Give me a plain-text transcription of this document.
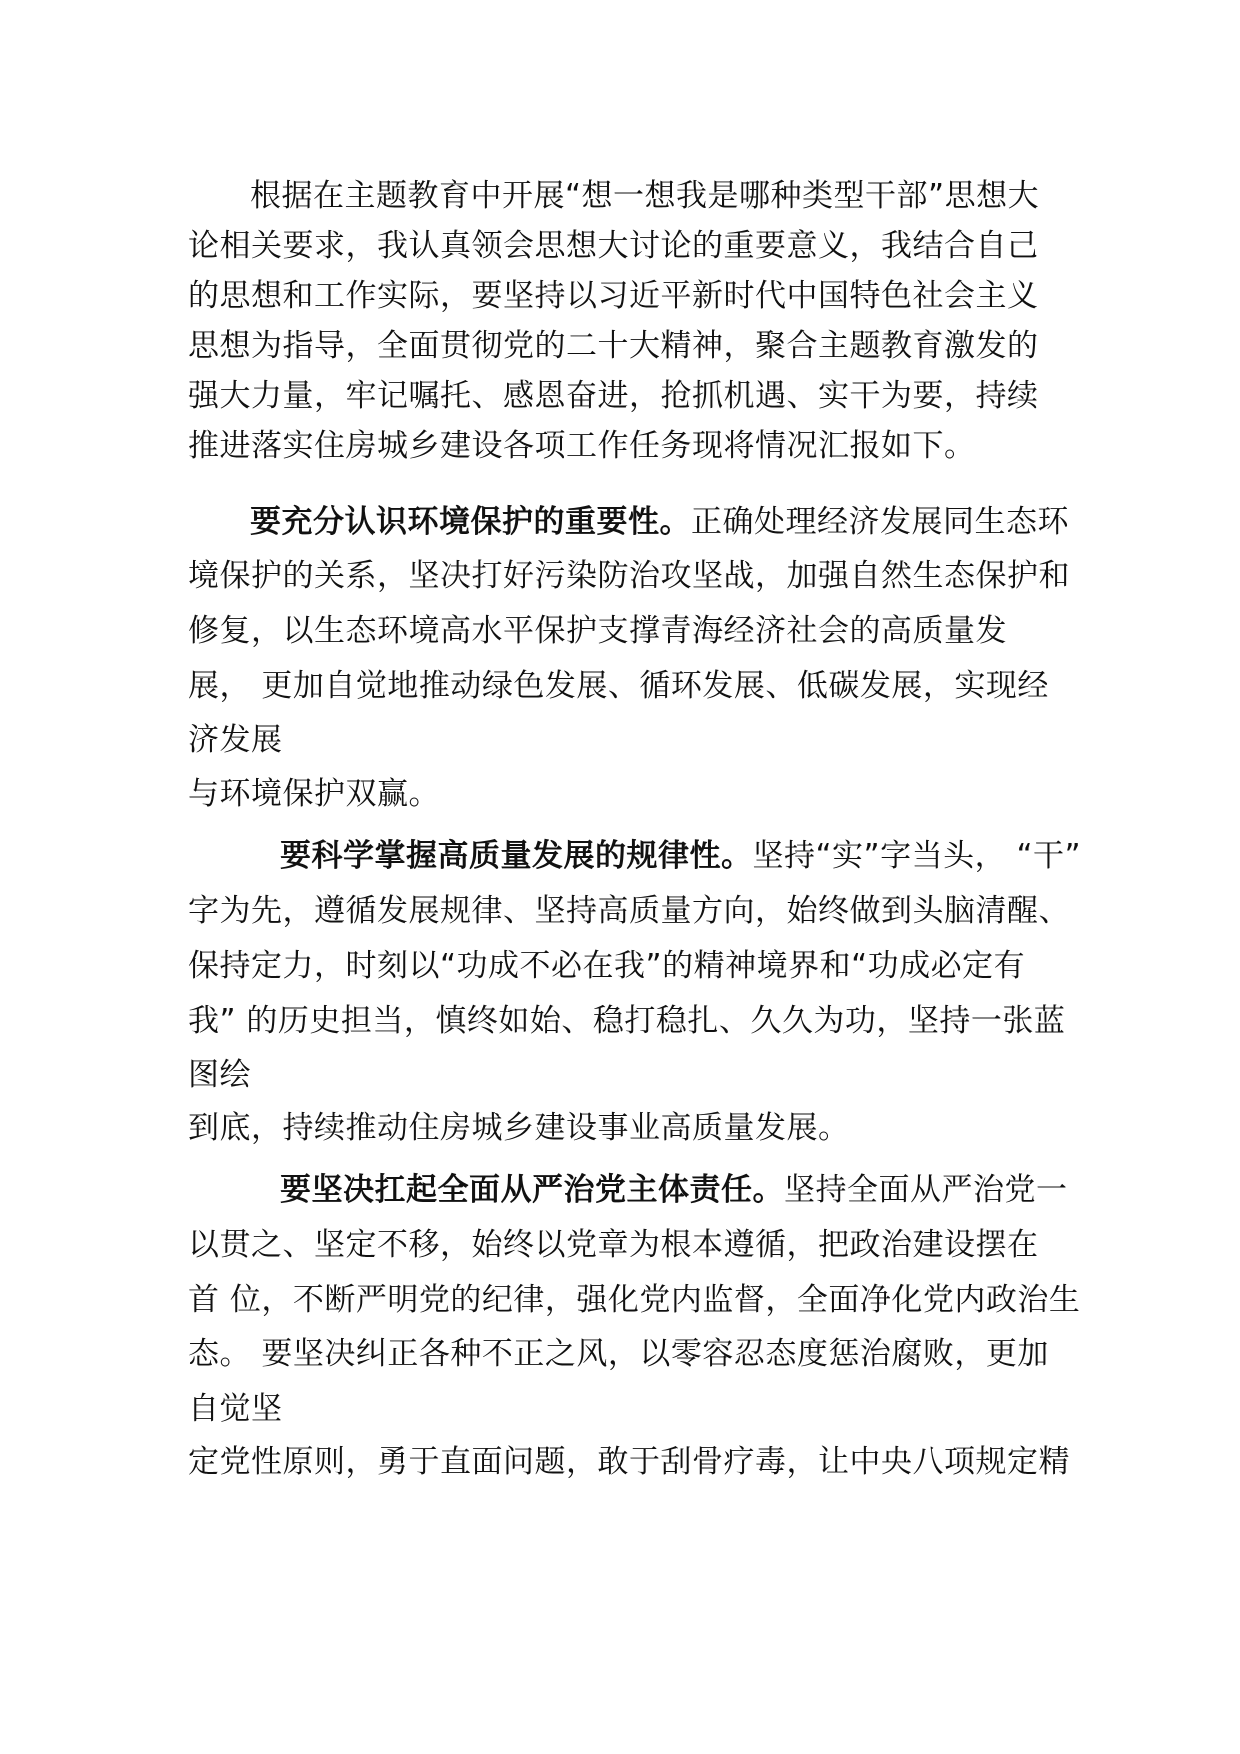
根据在主题教育中开展“想一想我是哪种类型干部”思想大
论相关要求，我认真领会思想大讨论的重要意义，我结合自己
的思想和工作实际，要坚持以习近平新时代中国特色社会主义
思想为指导，全面贯彻党的二十大精神，聚合主题教育激发的
强大力量，牢记嘱托、感恩奋进，抢抓机遇、实干为要，持续
推进落实住房城乡建设各项工作任务现将情况汇报如下。
要充分认识环境保护的重要性。正确处理经济发展同生态环
境保护的关系，坚决打好污染防治攻坚战，加强自然生态保护和
修复，以生态环境高水平保护支撑青海经济社会的高质量发
展， 更加自觉地推动绿色发展、循环发展、低碳发展，实现经
济发展
与环境保护双赢。
要科学掌握高质量发展的规律性。坚持“实”字当头， “干”
字为先，遵循发展规律、坚持高质量方向，始终做到头脑清醒、
保持定力，时刻以“功成不必在我”的精神境界和“功成必定有
我” 的历史担当，慎终如始、稳打稳扎、久久为功，坚持一张蓝
图绘
到底，持续推动住房城乡建设事业高质量发展。
要坚决扛起全面从严治党主体责任。坚持全面从严治党一
以贯之、坚定不移，始终以党章为根本遵循，把政治建设摆在
首 位，不断严明党的纪律，强化党内监督，全面净化党内政治生
态。 要坚决纠正各种不正之风，以零容忍态度惩治腐败，更加
自觉坚
定党性原则，勇于直面问题，敢于刮骨疗毒，让中央八项规定精
